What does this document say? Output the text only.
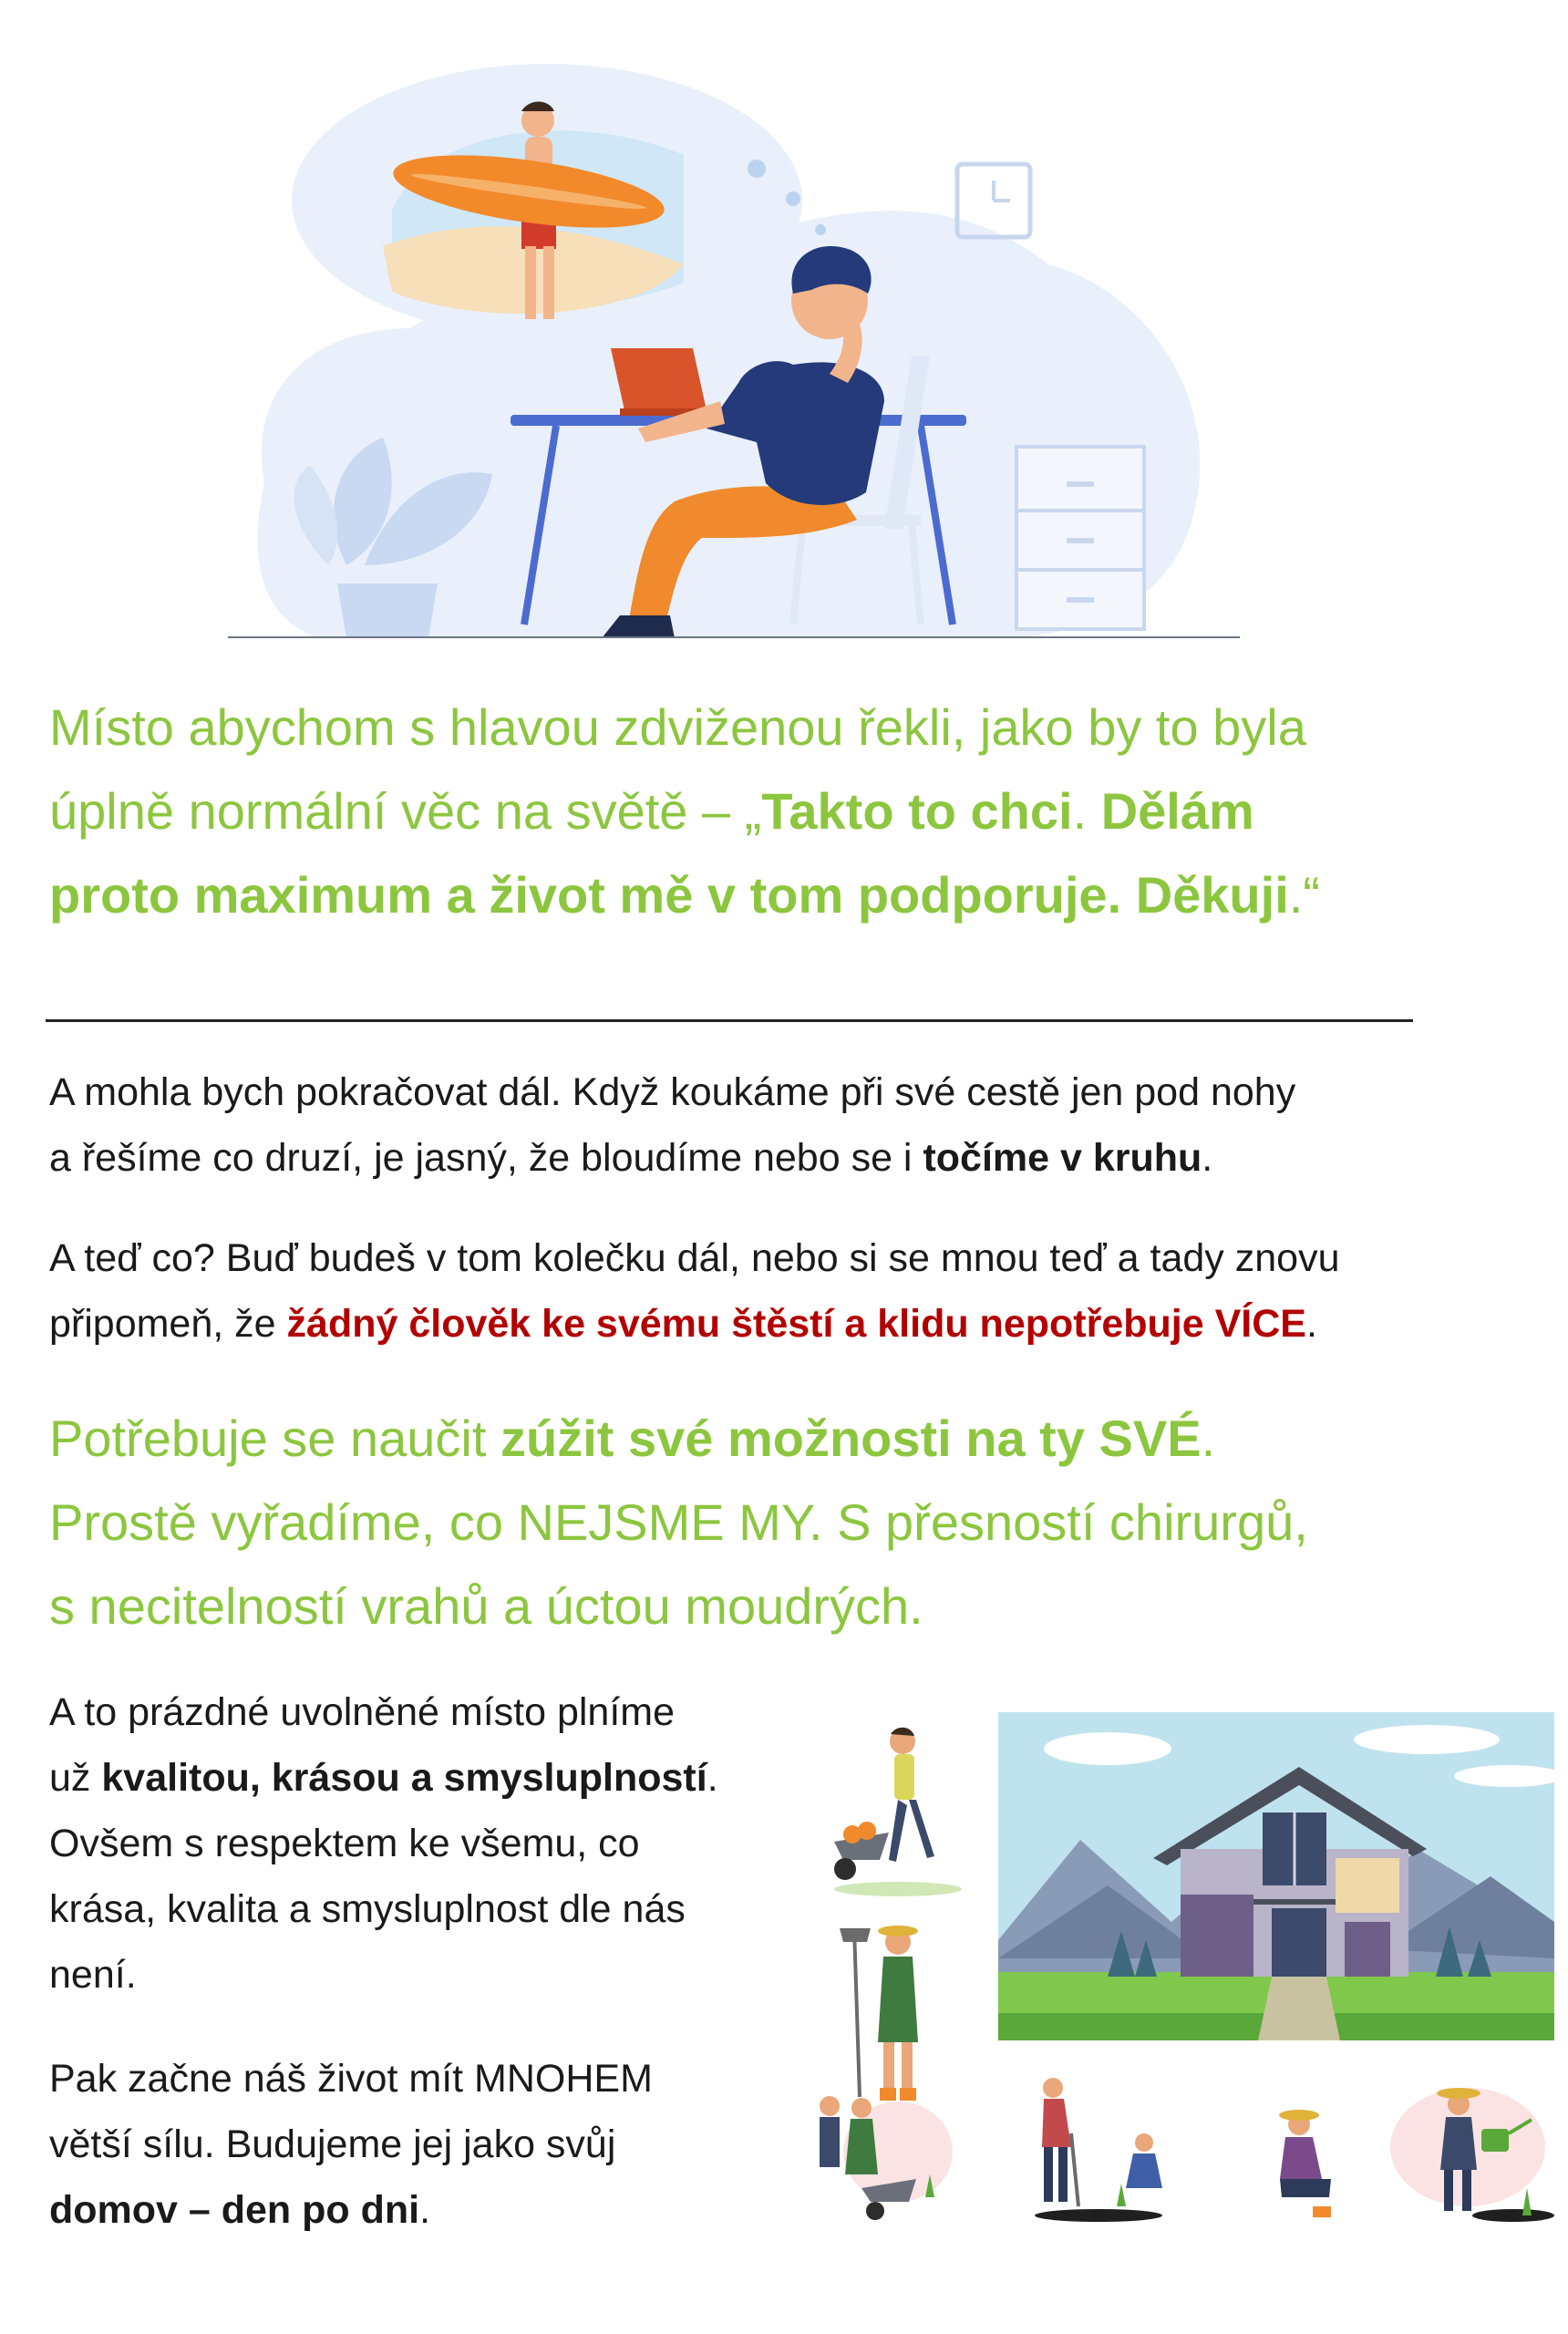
Místo abychom s hlavou zdviženou řekli, jako by to byla
úplně normální věc na světě – „Takto to chci. Dělám
proto maximum a život mě v tom podporuje. Děkuji.“
A mohla bych pokračovat dál. Když koukáme při své cestě jen pod nohy
a řešíme co druzí, je jasný, že bloudíme nebo se i točíme v kruhu.
A teď co? Buď budeš v tom kolečku dál, nebo si se mnou teď a tady znovu
připomeň, že žádný člověk ke svému štěstí a klidu nepotřebuje VÍCE.
Potřebuje se naučit zúžit své možnosti na ty SVÉ.
Prostě vyřadíme, co NEJSME MY. S přesností chirurgů,
s necitelností vrahů a úctou moudrých.
A to prázdné uvolněné místo plníme
už kvalitou, krásou a smysluplností.
Ovšem s respektem ke všemu, co
krása, kvalita a smysluplnost dle nás
není.
Pak začne náš život mít MNOHEM
větší sílu. Budujeme jej jako svůj
domov – den po dni.
